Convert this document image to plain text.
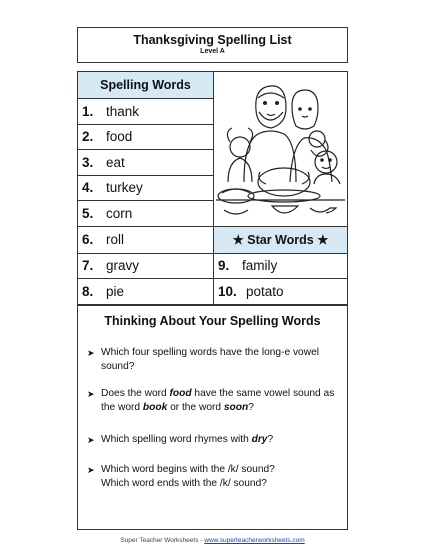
Thanksgiving Spelling List
Level A
Spelling Words	
1. thank	
2. food	
3. eat	
4. turkey	
5. corn	
6. roll	★ Star Words ★
7. gravy	9. family
8. pie	10. potato
Thinking About Your Spelling Words
➤ Which four spelling words have the long-e vowel sound?
➤ Does the word food have the same vowel sound as the word book or the word soon?
➤ Which spelling word rhymes with dry?
➤ Which word begins with the /k/ sound?
Which word ends with the /k/ sound?
Super Teacher Worksheets - www.superteacherworksheets.com
